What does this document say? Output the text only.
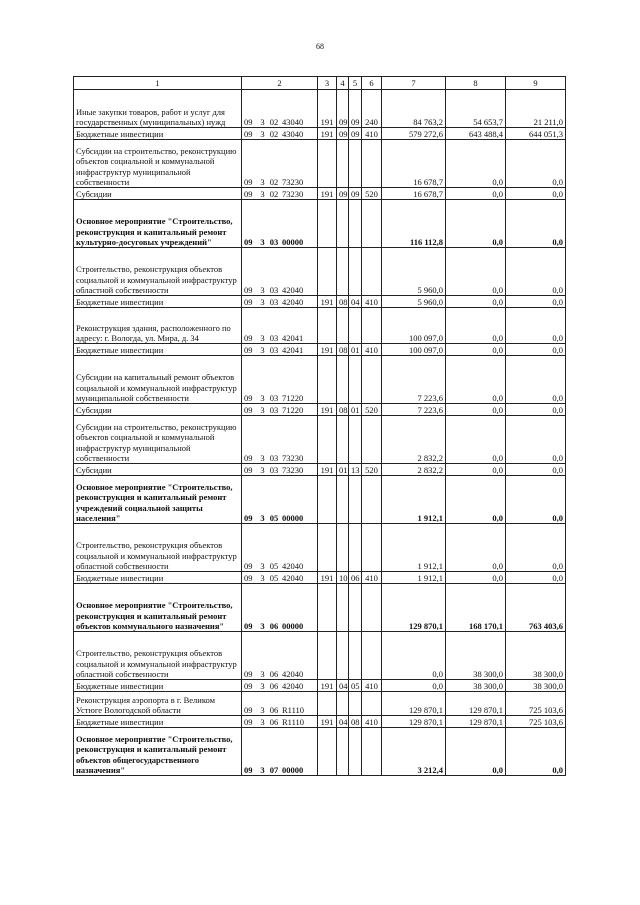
68
1	2	3	4	5	6	7	8	9
Иные закупки товаров, работ и услуг для государственных (муниципальных) нужд	09 3 02 43040	191	09	09	240	84 763,2	54 653,7	21 211,0
Бюджетные инвестиции	09 3 02 43040	191	09	09	410	579 272,6	643 488,4	644 051,3
Субсидии на строительство, реконструкцию объектов социальной и коммунальной инфраструктур муниципальной собственности	09 3 02 73230					16 678,7	0,0	0,0
Субсидии	09 3 02 73230	191	09	09	520	16 678,7	0,0	0,0
Основное мероприятие "Строительство, реконструкция и капитальный ремонт культурно-досуговых учреждений"	09 3 03 00000					116 112,8	0,0	0,0
Строительство, реконструкция объектов социальной и коммунальной инфраструктур областной собственности	09 3 03 42040					5 960,0	0,0	0,0
Бюджетные инвестиции	09 3 03 42040	191	08	04	410	5 960,0	0,0	0,0
Реконструкция здания, расположенного по адресу: г. Вологда, ул. Мира, д. 34	09 3 03 42041					100 097,0	0,0	0,0
Бюджетные инвестиции	09 3 03 42041	191	08	01	410	100 097,0	0,0	0,0
Субсидии на капитальный ремонт объектов социальной и коммунальной инфраструктур муниципальной собственности	09 3 03 71220					7 223,6	0,0	0,0
Субсидии	09 3 03 71220	191	08	01	520	7 223,6	0,0	0,0
Субсидии на строительство, реконструкцию объектов социальной и коммунальной инфраструктур муниципальной собственности	09 3 03 73230					2 832,2	0,0	0,0
Субсидии	09 3 03 73230	191	01	13	520	2 832,2	0,0	0,0
Основное мероприятие "Строительство, реконструкция и капитальный ремонт учреждений социальной защиты населения"	09 3 05 00000					1 912,1	0,0	0,0
Строительство, реконструкция объектов социальной и коммунальной инфраструктур областной собственности	09 3 05 42040					1 912,1	0,0	0,0
Бюджетные инвестиции	09 3 05 42040	191	10	06	410	1 912,1	0,0	0,0
Основное мероприятие "Строительство, реконструкция и капитальный ремонт объектов коммунального назначения"	09 3 06 00000					129 870,1	168 170,1	763 403,6
Строительство, реконструкция объектов социальной и коммунальной инфраструктур областной собственности	09 3 06 42040					0,0	38 300,0	38 300,0
Бюджетные инвестиции	09 3 06 42040	191	04	05	410	0,0	38 300,0	38 300,0
Реконструкция аэропорта в г. Великом Устюге Вологодской области	09 3 06 R1110					129 870,1	129 870,1	725 103,6
Бюджетные инвестиции	09 3 06 R1110	191	04	08	410	129 870,1	129 870,1	725 103,6
Основное мероприятие "Строительство, реконструкция и капитальный ремонт объектов общегосударственного назначения"	09 3 07 00000					3 212,4	0,0	0,0
